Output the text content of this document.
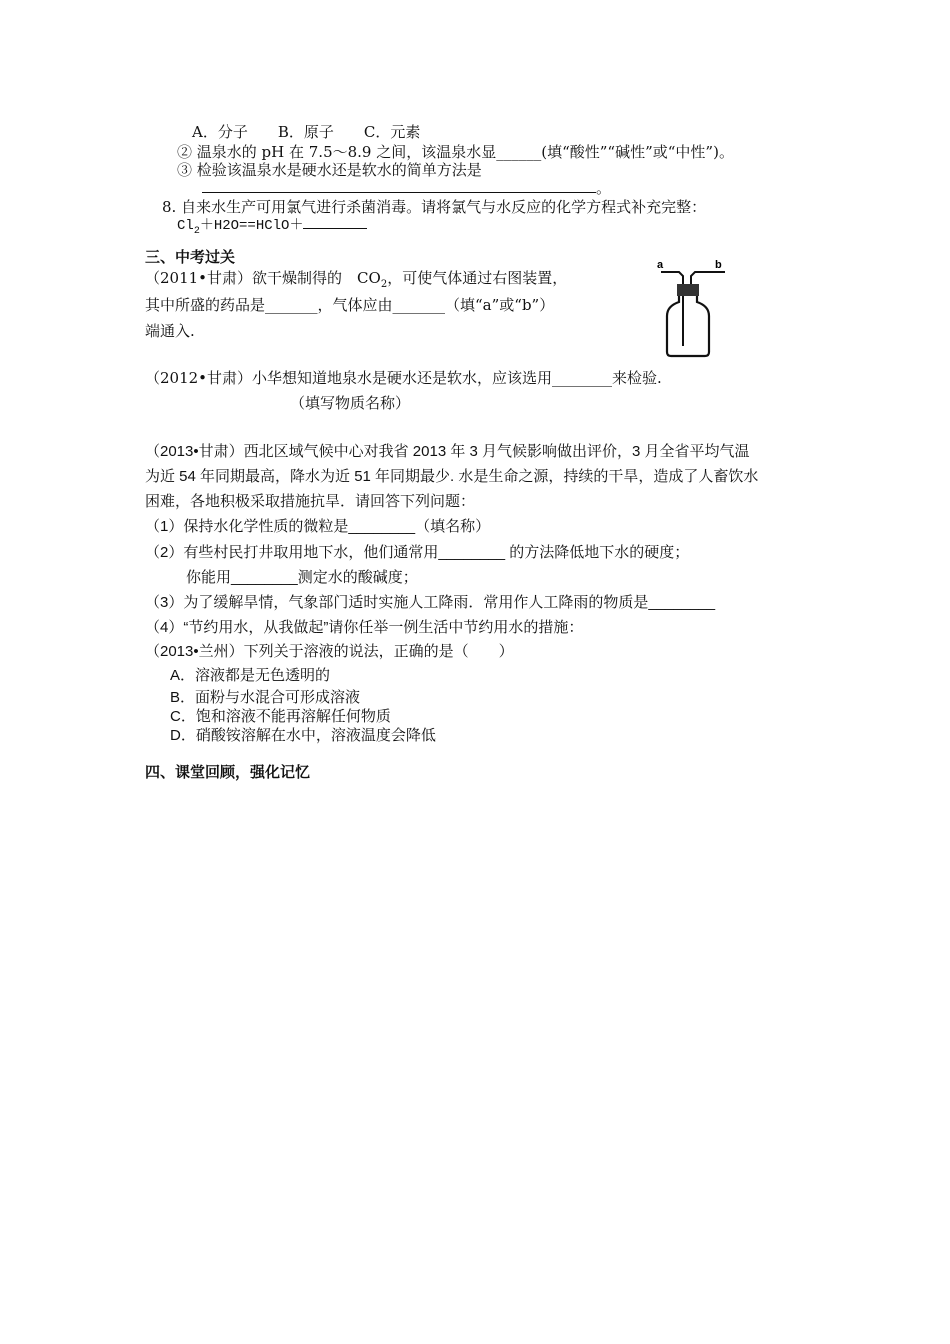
A．分子　　B．原子　　C．元素
② 温泉水的 pH 在 7.5～8.9 之间，该温泉水显______(填“酸性”“碱性”或“中性”)。
③ 检验该温泉水是硬水还是软水的简单方法是
。
8. 自来水生产可用氯气进行杀菌消毒。请将氯气与水反应的化学方程式补充完整：
$Cl_2+H2O==HClO+$
三、中考过关
（2011•甘肃）欲干燥制得的　$CO_2$，可使气体通过右图装置，
其中所盛的药品是_______，气体应由_______（填“a”或“b”）
端通入.
a	b
（2012•甘肃）小华想知道地泉水是硬水还是软水，应该选用________来检验.
（填写物质名称）
（2013•甘肃）西北区域气候中心对我省 2013 年 3 月气候影响做出评价，3 月全省平均气温
为近 54 年同期最高，降水为近 51 年同期最少. 水是生命之源，持续的干旱，造成了人畜饮水
困难，各地积极采取措施抗旱．请回答下列问题：
（1）保持水化学性质的微粒是________（填名称）
（2）有些村民打井取用地下水，他们通常用________ 的方法降低地下水的硬度；
你能用________测定水的酸碱度；
（3）为了缓解旱情，气象部门适时实施人工降雨．常用作人工降雨的物质是________
（4）“节约用水，从我做起”请你任举一例生活中节约用水的措施：
（2013•兰州）下列关于溶液的说法，正确的是（　　）
A．溶液都是无色透明的
B．面粉与水混合可形成溶液
C．饱和溶液不能再溶解任何物质
D．硝酸铵溶解在水中，溶液温度会降低
四、课堂回顾，强化记忆
